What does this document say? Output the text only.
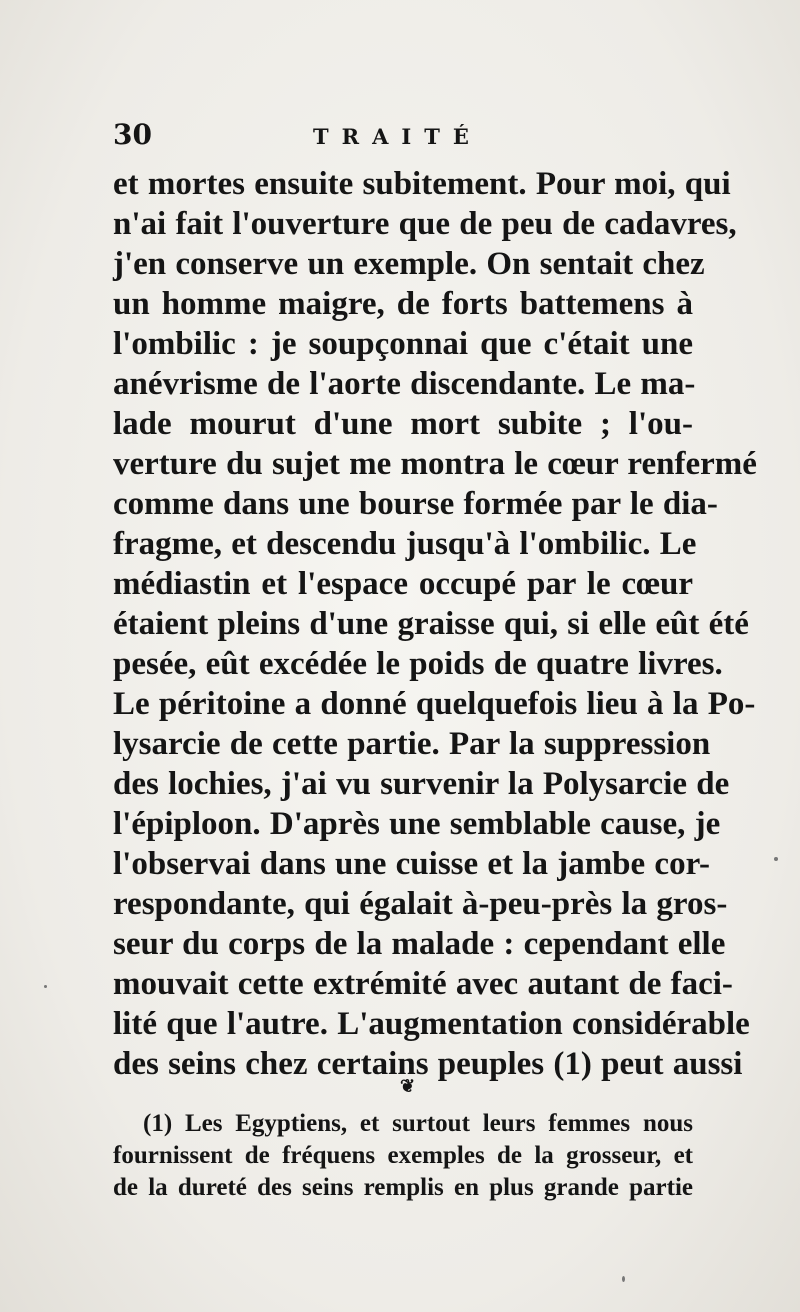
30	TRAITÉ
et mortes ensuite subitement. Pour moi, qui
n'ai fait l'ouverture que de peu de cadavres,
j'en conserve un exemple. On sentait chez
un homme maigre, de forts battemens à
l'ombilic : je soupçonnai que c'était une
anévrisme de l'aorte discendante. Le ma-
lade mourut d'une mort subite ; l'ou-
verture du sujet me montra le cœur renfermé
comme dans une bourse formée par le dia-
fragme, et descendu jusqu'à l'ombilic. Le
médiastin et l'espace occupé par le cœur
étaient pleins d'une graisse qui, si elle eût été
pesée, eût excédée le poids de quatre livres.
Le péritoine a donné quelquefois lieu à la Po-
lysarcie de cette partie. Par la suppression
des lochies, j'ai vu survenir la Polysarcie de
l'épiploon. D'après une semblable cause, je
l'observai dans une cuisse et la jambe cor-
respondante, qui égalait à-peu-près la gros-
seur du corps de la malade : cependant elle
mouvait cette extrémité avec autant de faci-
lité que l'autre. L'augmentation considérable
des seins chez certains peuples (1) peut aussi
❦
(1) Les Egyptiens, et surtout leurs femmes nous
fournissent de fréquens exemples de la grosseur, et
de la dureté des seins remplis en plus grande partie
